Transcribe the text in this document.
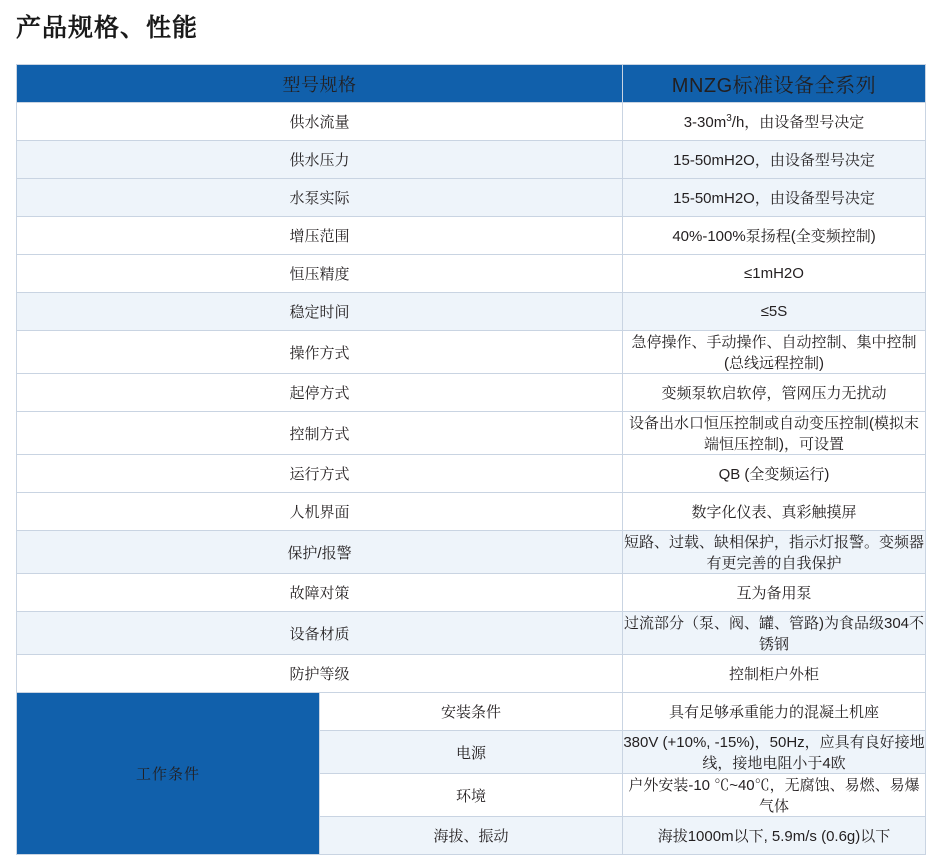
产品规格、性能
型号规格		MNZG标准设备全系列
供水流量		$3-30m^3/h$，由设备型号决定
供水压力		15-50mH2O，由设备型号决定
水泵实际		15-50mH2O，由设备型号决定
增压范围		40%-100%泵扬程(全变频控制)
恒压精度		≤1mH2O
稳定时间		≤5S
操作方式		急停操作、手动操作、自动控制、集中控制(总线远程控制)
起停方式		变频泵软启软停，管网压力无扰动
控制方式		设备出水口恒压控制或自动变压控制(模拟末端恒压控制)，可设置
运行方式		QB (全变频运行)
人机界面		数字化仪表、真彩触摸屏
保护/报警		短路、过载、缺相保护，指示灯报警。变频器有更完善的自我保护
故障对策		互为备用泵
设备材质		过流部分（泵、阀、罐、管路)为食品级304不锈钢
防护等级		控制柜户外柜
工作条件	安装条件	具有足够承重能力的混凝土机座
	电源	380V (+10%, -15%)，50Hz，应具有良好接地线，接地电阻小于4欧
	环境	户外安装-10 ℃~40℃，无腐蚀、易燃、易爆气体
	海拔、振动	海拔1000m以下, 5.9m/s (0.6g)以下
